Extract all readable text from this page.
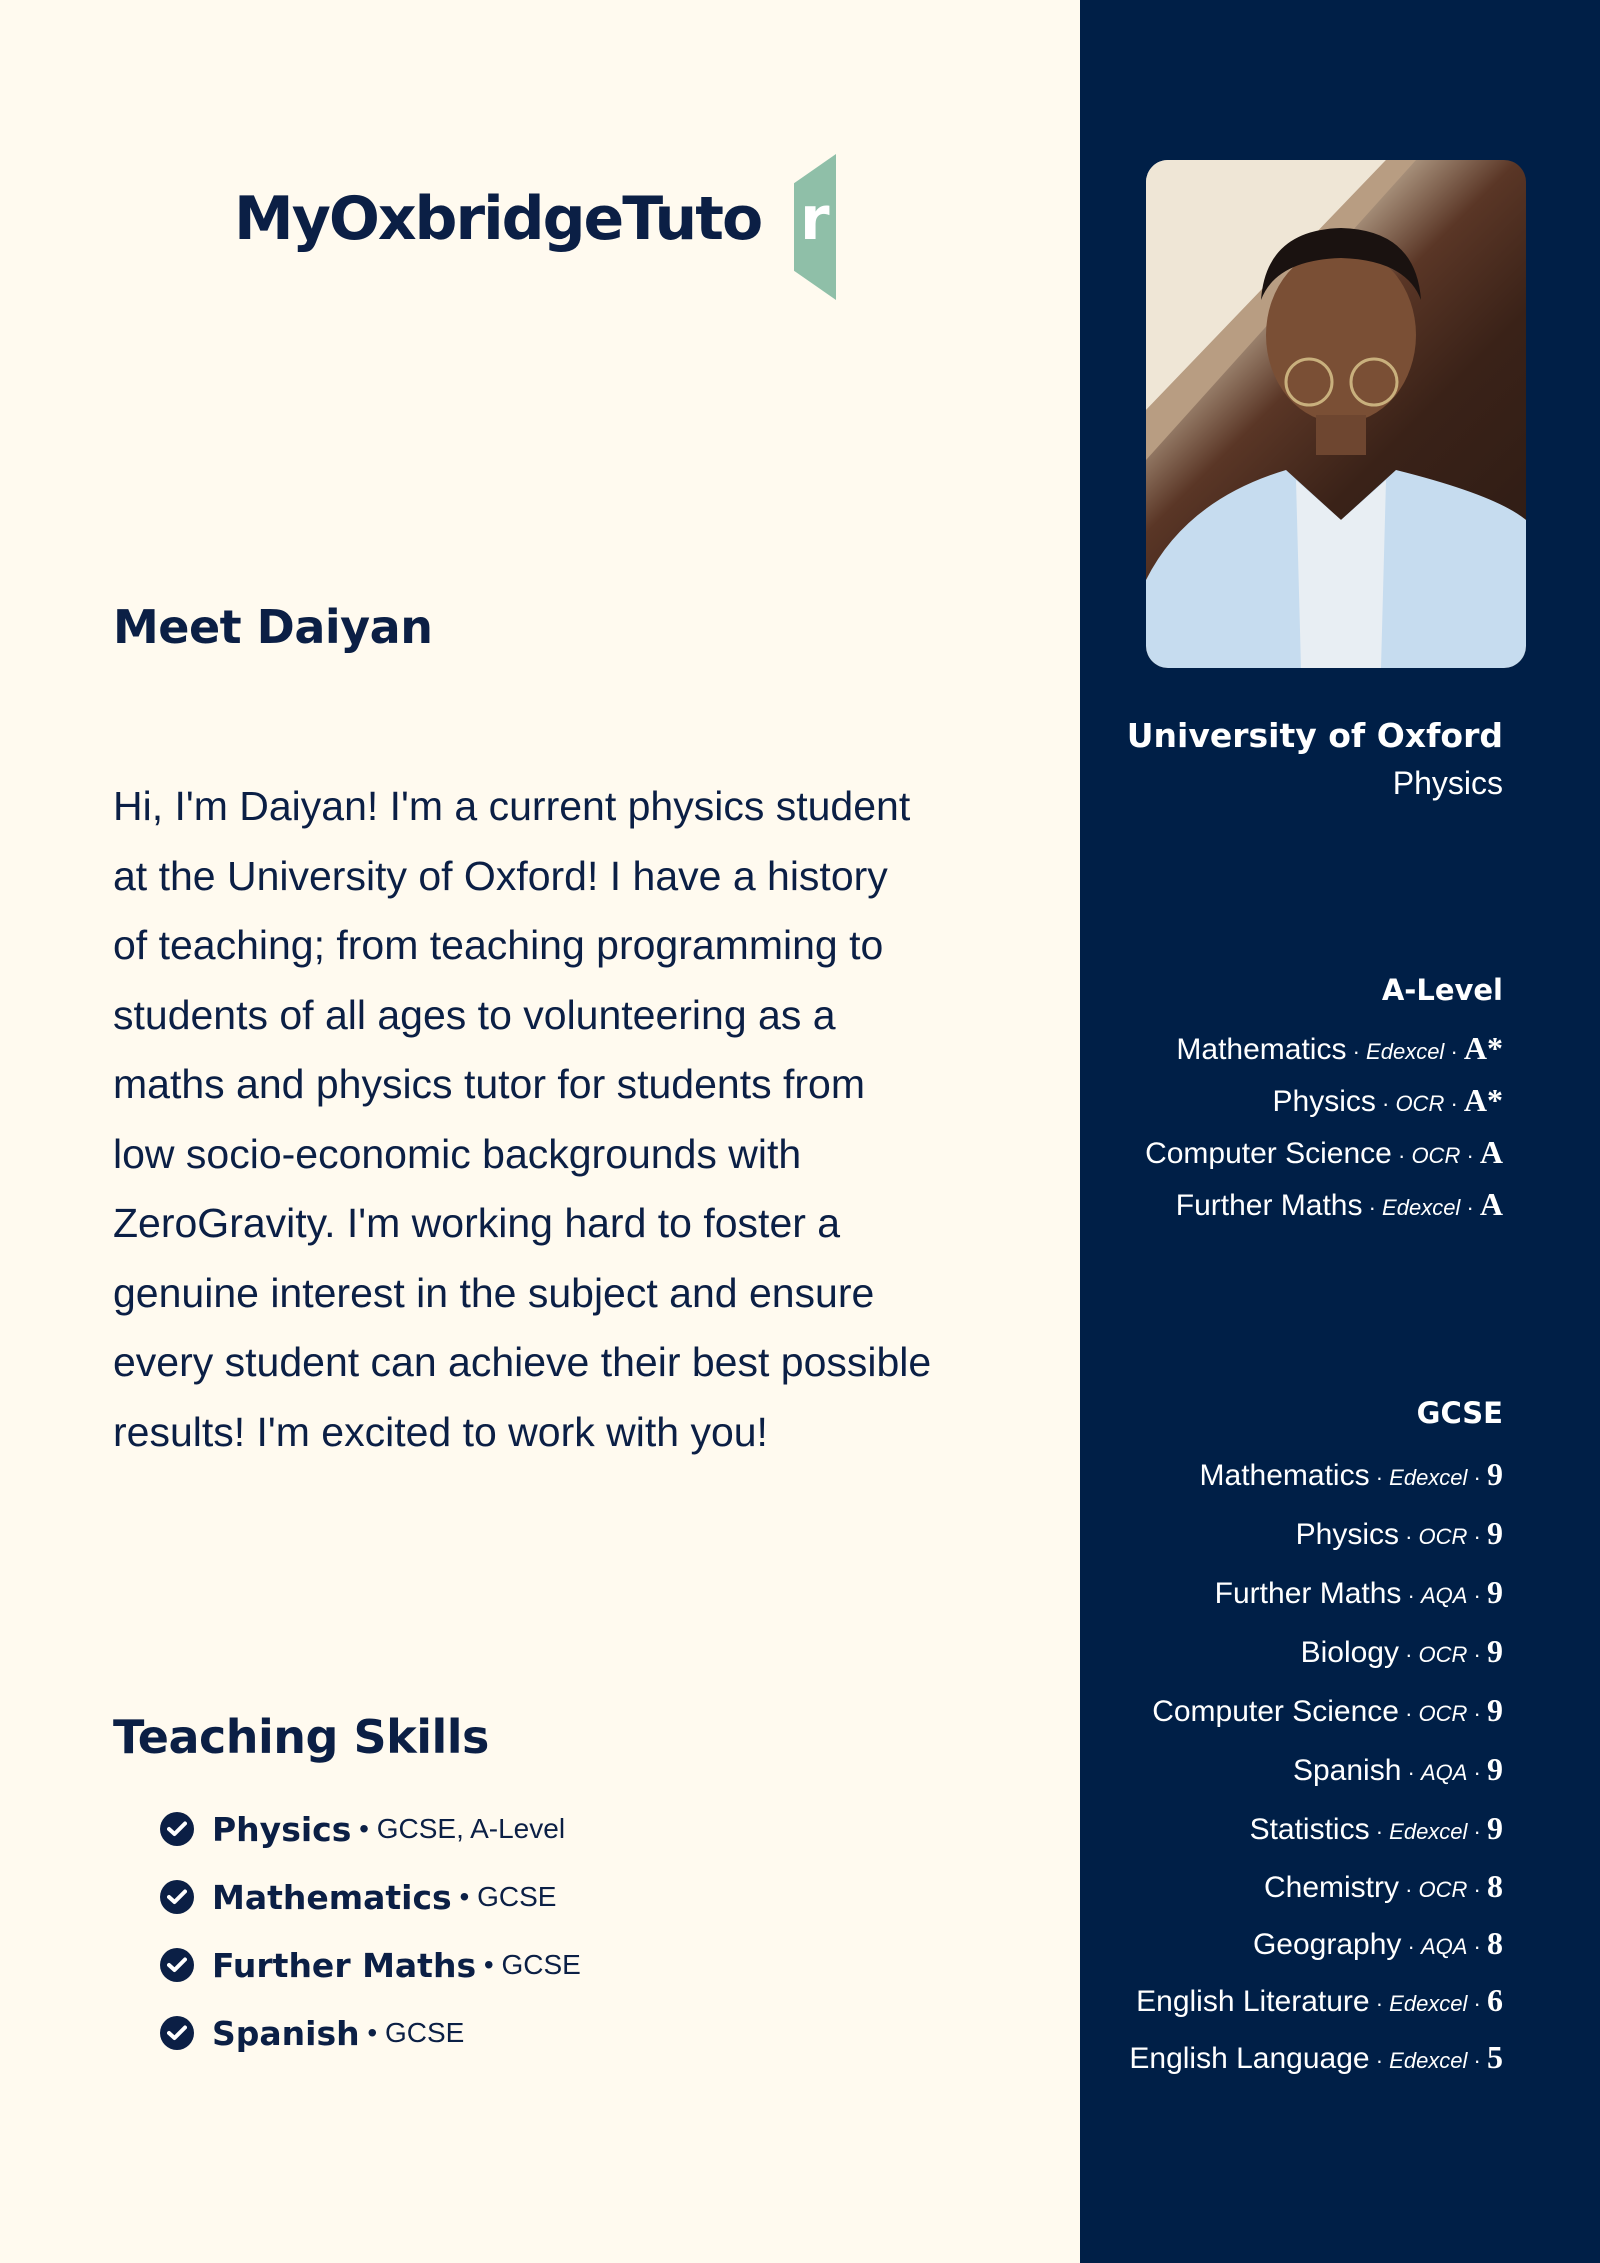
MyOxbridgeTuto r
Meet Daiyan

Hi, I'm Daiyan! I'm a current physics student at the University of Oxford! I have a history of teaching; from teaching programming to students of all ages to volunteering as a maths and physics tutor for students from low socio-economic backgrounds with ZeroGravity. I'm working hard to foster a genuine interest in the subject and ensure every student can achieve their best possible results! I'm excited to work with you!

Teaching Skills
Physics • GCSE, A-Level
Mathematics • GCSE
Further Maths • GCSE
Spanish • GCSE
University of Oxford
Physics
A-Level
Mathematics · Edexcel · A*
Physics · OCR · A*
Computer Science · OCR · A
Further Maths · Edexcel · A
GCSE
Mathematics · Edexcel · 9
Physics · OCR · 9
Further Maths · AQA · 9
Biology · OCR · 9
Computer Science · OCR · 9
Spanish · AQA · 9
Statistics · Edexcel · 9
Chemistry · OCR · 8
Geography · AQA · 8
English Literature · Edexcel · 6
English Language · Edexcel · 5
